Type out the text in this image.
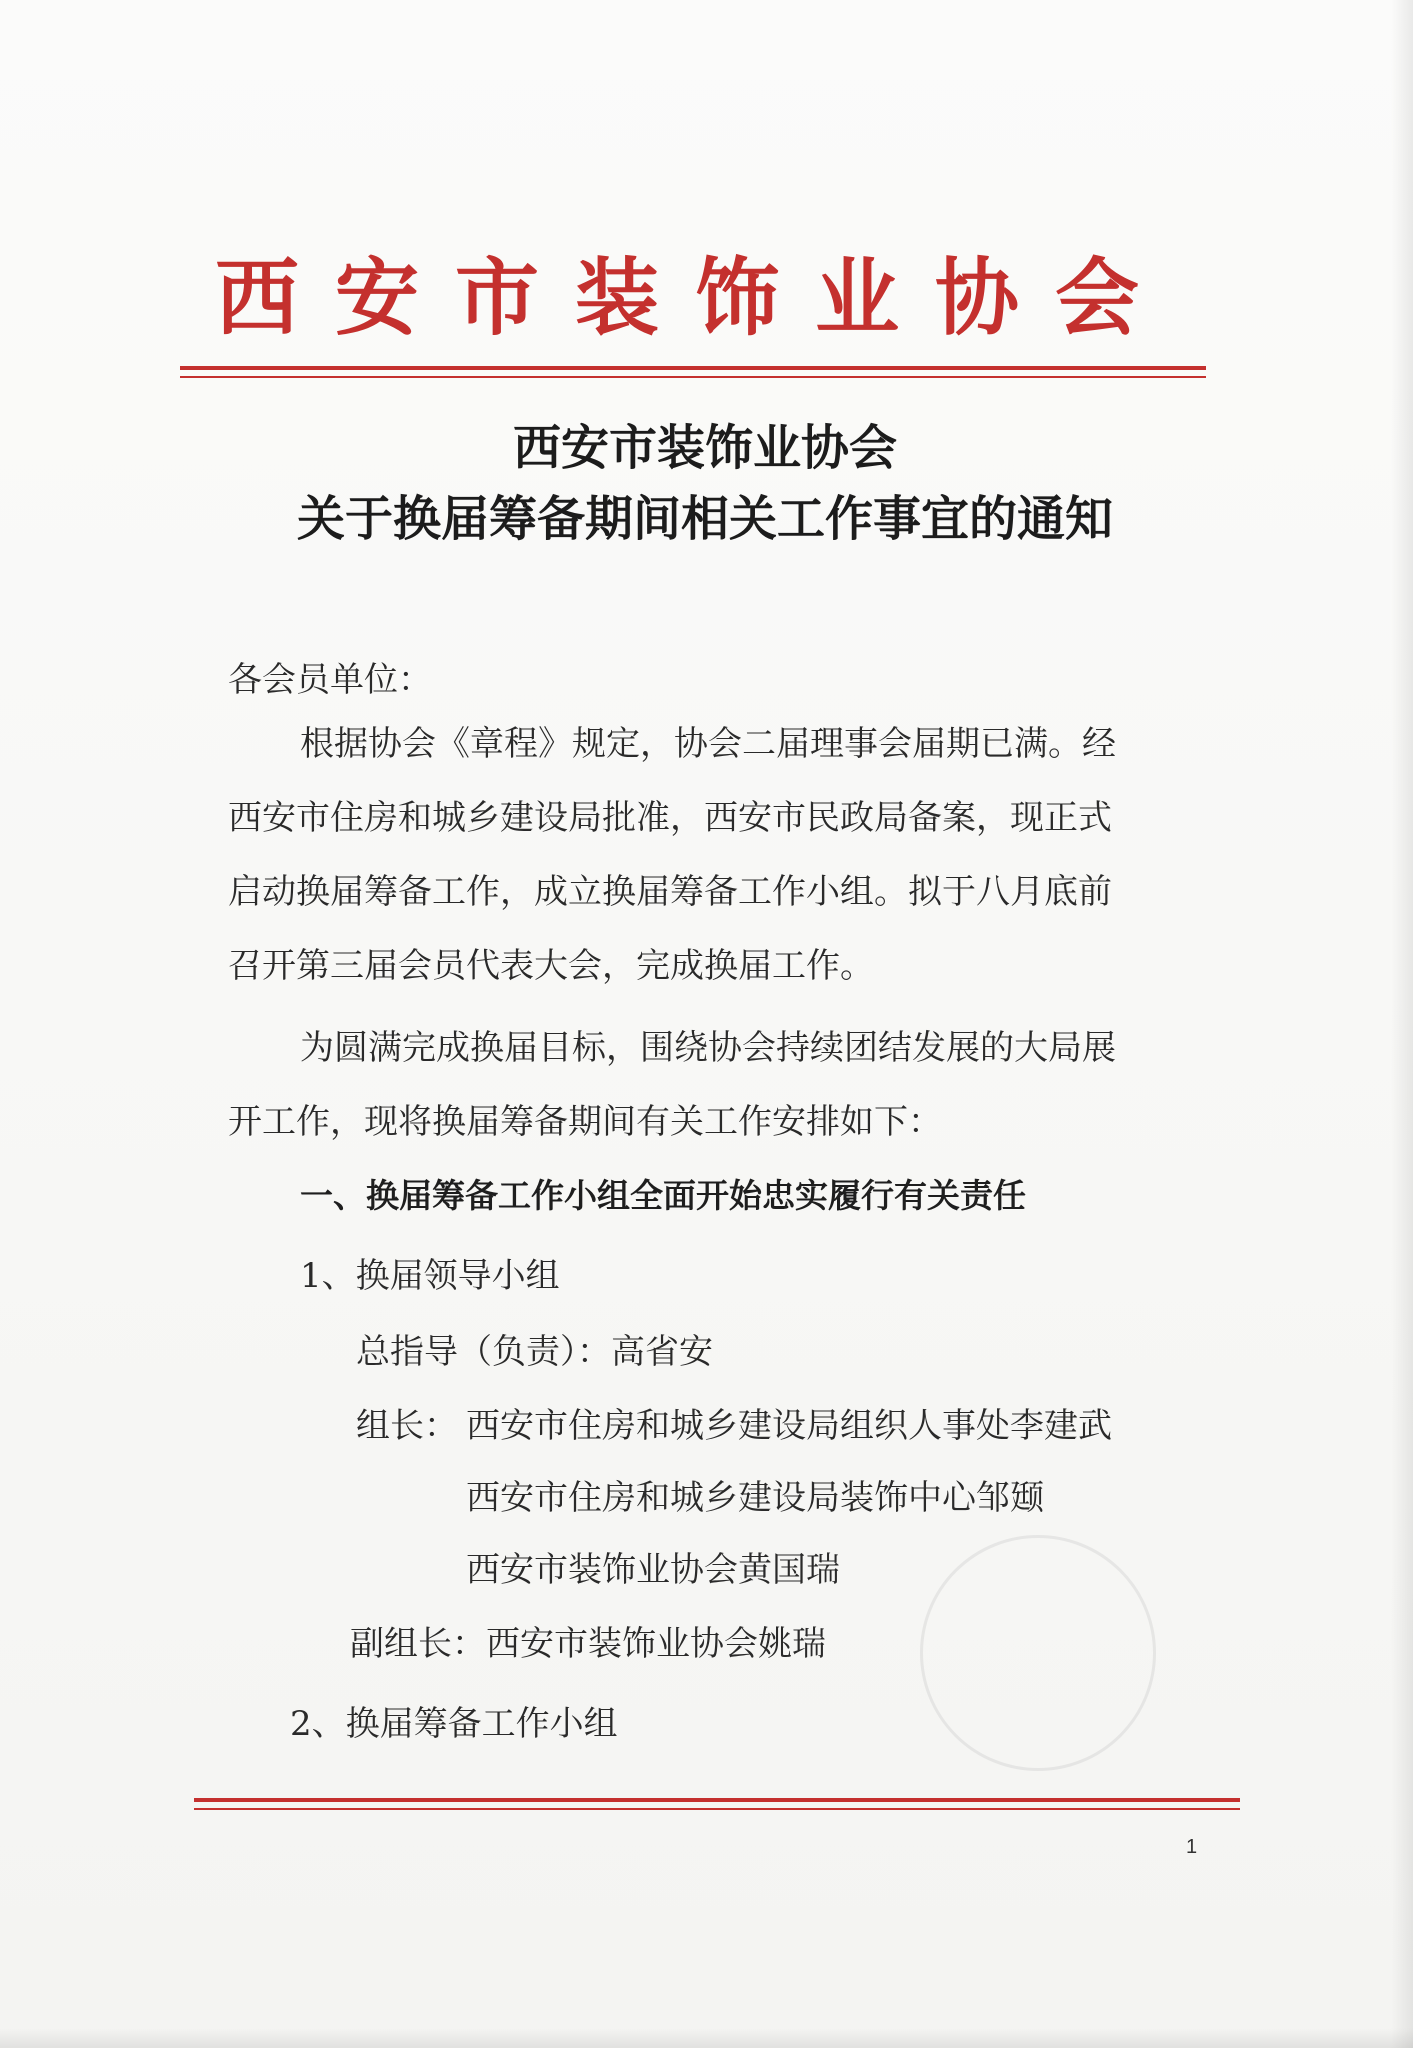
西安市装饰业协会
西安市装饰业协会
关于换届筹备期间相关工作事宜的通知
各会员单位：
根据协会《章程》规定，协会二届理事会届期已满。经
西安市住房和城乡建设局批准，西安市民政局备案，现正式
启动换届筹备工作，成立换届筹备工作小组。拟于八月底前
召开第三届会员代表大会，完成换届工作。
为圆满完成换届目标，围绕协会持续团结发展的大局展
开工作，现将换届筹备期间有关工作安排如下：
一、换届筹备工作小组全面开始忠实履行有关责任
1、换届领导小组
总指导（负责）：高省安
组长： 西安市住房和城乡建设局组织人事处李建武
西安市住房和城乡建设局装饰中心邹颋
西安市装饰业协会黄国瑞
副组长：西安市装饰业协会姚瑞
2、换届筹备工作小组
1
